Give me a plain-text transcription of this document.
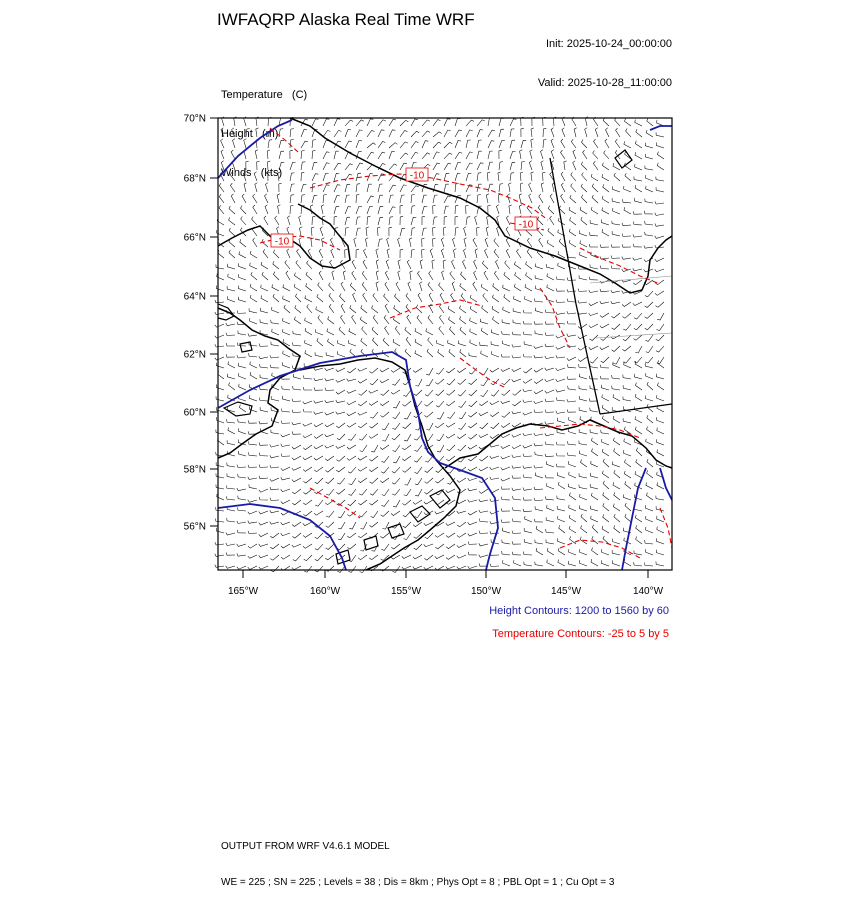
IWFAQRP Alaska Real Time WRF

Init: 2025-10-24_00:00:00

Valid: 2025-10-28_11:00:00

Temperature   (C)

Height   (m)

Winds   (kts)	-10
-10
-10
70°N
68°N
66°N
64°N
62°N
60°N
58°N
56°N
165°W	160°W	155°W	150°W	145°W	140°W
Height Contours: 1200 to 1560 by 60
Temperature Contours: -25 to 5 by 5

OUTPUT FROM WRF V4.6.1 MODEL

WE = 225 ; SN = 225 ; Levels = 38 ; Dis = 8km ; Phys Opt = 8 ; PBL Opt = 1 ; Cu Opt = 3
